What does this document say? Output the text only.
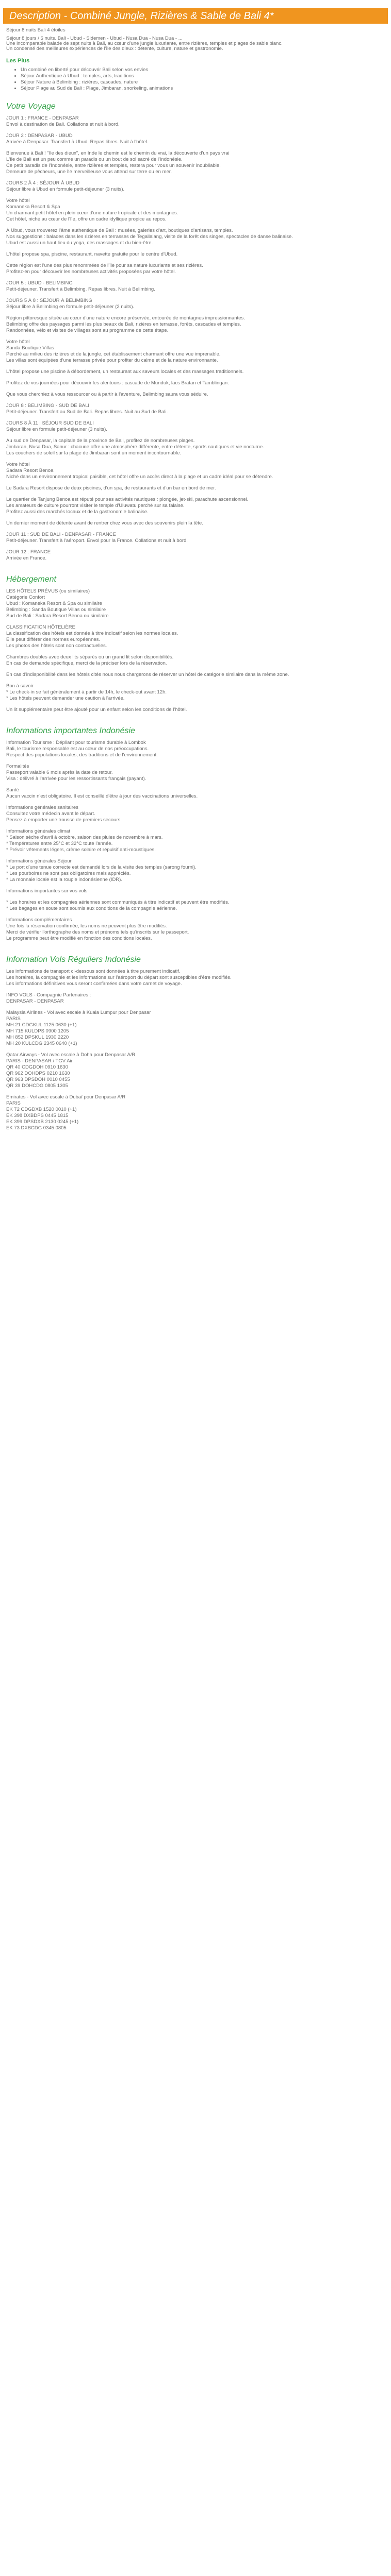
Description - Combiné Jungle, Rizières & Sable de Bali 4*

Séjour 8 nuits Bali 4 étoiles

Séjour 8 jours / 6 nuits. Bali - Ubud - Sidemen - Ubud - Nusa Dua - Nusa Dua - ...

Une incomparable balade de sept nuits à Bali, au cœur d'une jungle luxuriante, entre rizières, temples et plages de sable blanc.

Un condensé des meilleures expériences de l'île des dieux : détente, culture, nature et gastronomie.

Les Plus

• Un combiné en liberté pour découvrir Bali selon vos envies
• Séjour Authentique à Ubud : temples, arts, traditions
• Séjour Nature à Belimbing : rizières, cascades, nature
• Séjour Plage au Sud de Bali : Plage, Jimbaran, snorkeling, animations

Votre Voyage

JOUR 1 : FRANCE - DENPASAR

Envol à destination de Bali. Collations et nuit à bord.

JOUR 2 : DENPASAR - UBUD

Arrivée à Denpasar. Transfert à Ubud. Repas libres. Nuit à l'hôtel.

Bienvenue à Bali ! "Ile des dieux", en Inde le chemin est le chemin du vrai, la découverte d'un pays vrai

L'île de Bali est un peu comme un paradis ou un bout de sol sacré de l'Indonésie.

Ce petit paradis de l'Indonésie, entre rizières et temples, restera pour vous un souvenir inoubliable.

Demeure de pêcheurs, une île merveilleuse vous attend sur terre ou en mer.

JOURS 2 À 4 : SÉJOUR À UBUD

Séjour libre à Ubud en formule petit-déjeuner (3 nuits).

Votre hôtel

Komaneka Resort & Spa

Un charmant petit hôtel en plein cœur d'une nature tropicale et des montagnes.

Cet hôtel, niché au cœur de l'île, offre un cadre idyllique propice au repos.

À Ubud, vous trouverez l'âme authentique de Bali : musées, galeries d'art, boutiques d'artisans, temples.

Nos suggestions : balades dans les rizières en terrasses de Tegallalang, visite de la forêt des singes, spectacles de danse balinaise.

Ubud est aussi un haut lieu du yoga, des massages et du bien-être.

L'hôtel propose spa, piscine, restaurant, navette gratuite pour le centre d'Ubud.

Cette région est l'une des plus renommées de l'île pour sa nature luxuriante et ses rizières.

Profitez-en pour découvrir les nombreuses activités proposées par votre hôtel.

JOUR 5 : UBUD - BELIMBING

Petit-déjeuner. Transfert à Belimbing. Repas libres. Nuit à Belimbing.

JOURS 5 À 8 : SÉJOUR À BELIMBING

Séjour libre à Belimbing en formule petit-déjeuner (2 nuits).

Région pittoresque située au cœur d'une nature encore préservée, entourée de montagnes impressionnantes.

Belimbing offre des paysages parmi les plus beaux de Bali, rizières en terrasse, forêts, cascades et temples.

Randonnées, vélo et visites de villages sont au programme de cette étape.

Votre hôtel

Sanda Boutique Villas

Perché au milieu des rizières et de la jungle, cet établissement charmant offre une vue imprenable.

Les villas sont équipées d'une terrasse privée pour profiter du calme et de la nature environnante.

L'hôtel propose une piscine à débordement, un restaurant aux saveurs locales et des massages traditionnels.

Profitez de vos journées pour découvrir les alentours : cascade de Munduk, lacs Bratan et Tamblingan.

Que vous cherchiez à vous ressourcer ou à partir à l'aventure, Belimbing saura vous séduire.

JOUR 8 : BELIMBING - SUD DE BALI

Petit-déjeuner. Transfert au Sud de Bali. Repas libres. Nuit au Sud de Bali.

JOURS 8 À 11 : SÉJOUR SUD DE BALI

Séjour libre en formule petit-déjeuner (3 nuits).

Au sud de Denpasar, la capitale de la province de Bali, profitez de nombreuses plages.

Jimbaran, Nusa Dua, Sanur : chacune offre une atmosphère différente, entre détente, sports nautiques et vie nocturne.

Les couchers de soleil sur la plage de Jimbaran sont un moment incontournable.

Votre hôtel

Sadara Resort Benoa

Niché dans un environnement tropical paisible, cet hôtel offre un accès direct à la plage et un cadre idéal pour se détendre.

Le Sadara Resort dispose de deux piscines, d'un spa, de restaurants et d'un bar en bord de mer.

Le quartier de Tanjung Benoa est réputé pour ses activités nautiques : plongée, jet-ski, parachute ascensionnel.

Les amateurs de culture pourront visiter le temple d'Uluwatu perché sur sa falaise.

Profitez aussi des marchés locaux et de la gastronomie balinaise.

Un dernier moment de détente avant de rentrer chez vous avec des souvenirs plein la tête.

JOUR 11 : SUD DE BALI - DENPASAR - FRANCE

Petit-déjeuner. Transfert à l'aéroport. Envol pour la France. Collations et nuit à bord.

JOUR 12 : FRANCE

Arrivée en France.

Hébergement

LES HÔTELS PRÉVUS (ou similaires)

Catégorie Confort

Ubud : Komaneka Resort & Spa ou similaire

Belimbing : Sanda Boutique Villas ou similaire

Sud de Bali : Sadara Resort Benoa ou similaire

CLASSIFICATION HÔTELIÈRE

La classification des hôtels est donnée à titre indicatif selon les normes locales.

Elle peut différer des normes européennes.

Les photos des hôtels sont non contractuelles.

Chambres doubles avec deux lits séparés ou un grand lit selon disponibilités.

En cas de demande spécifique, merci de la préciser lors de la réservation.

En cas d'indisponibilité dans les hôtels cités nous nous chargerons de réserver un hôtel de catégorie similaire dans la même zone.

Bon à savoir

* Le check-in se fait généralement à partir de 14h, le check-out avant 12h.

* Les hôtels peuvent demander une caution à l'arrivée.

Un lit supplémentaire peut être ajouté pour un enfant selon les conditions de l'hôtel.

Informations importantes Indonésie

Information Tourisme : Dépliant pour tourisme durable à Lombok

Bali, le tourisme responsable est au cœur de nos préoccupations.

Respect des populations locales, des traditions et de l'environnement.

Formalités

Passeport valable 6 mois après la date de retour.

Visa : délivré à l'arrivée pour les ressortissants français (payant).

Santé

Aucun vaccin n'est obligatoire. Il est conseillé d'être à jour des vaccinations universelles.

Informations générales sanitaires

Consultez votre médecin avant le départ.

Pensez à emporter une trousse de premiers secours.

Informations générales climat

* Saison sèche d'avril à octobre, saison des pluies de novembre à mars.

* Températures entre 25°C et 32°C toute l'année.

* Prévoir vêtements légers, crème solaire et répulsif anti-moustiques.

Informations générales Séjour

* Le port d'une tenue correcte est demandé lors de la visite des temples (sarong fourni).

* Les pourboires ne sont pas obligatoires mais appréciés.

* La monnaie locale est la roupie indonésienne (IDR).

Informations importantes sur vos vols

* Les horaires et les compagnies aériennes sont communiqués à titre indicatif et peuvent être modifiés.

* Les bagages en soute sont soumis aux conditions de la compagnie aérienne.

Informations complémentaires

Une fois la réservation confirmée, les noms ne peuvent plus être modifiés.

Merci de vérifier l'orthographe des noms et prénoms tels qu'inscrits sur le passeport.

Le programme peut être modifié en fonction des conditions locales.

Information Vols Réguliers Indonésie

Les informations de transport ci-dessous sont données à titre purement indicatif.

Les horaires, la compagnie et les informations sur l'aéroport du départ sont susceptibles d'être modifiés.

Les informations définitives vous seront confirmées dans votre carnet de voyage.

INFO VOLS - Compagnie Partenaires :

DENPASAR - DENPASAR

Malaysia Airlines - Vol avec escale à Kuala Lumpur pour Denpasar

PARIS

MH 21 CDGKUL 1125 0630 (+1)

MH 715 KULDPS 0900 1205

MH 852 DPSKUL 1930 2220

MH 20 KULCDG 2345 0640 (+1)

Qatar Airways - Vol avec escale à Doha pour Denpasar A/R

PARIS - DENPASAR / TGV Air

QR 40 CDGDOH 0910 1630

QR 962 DOHDPS 0210 1630

QR 963 DPSDOH 0010 0455

QR 39 DOHCDG 0805 1305

Emirates - Vol avec escale à Dubaï pour Denpasar A/R

PARIS

EK 72 CDGDXB 1520 0010 (+1)

EK 398 DXBDPS 0445 1815

EK 399 DPSDXB 2130 0245 (+1)

EK 73 DXBCDG 0345 0805
